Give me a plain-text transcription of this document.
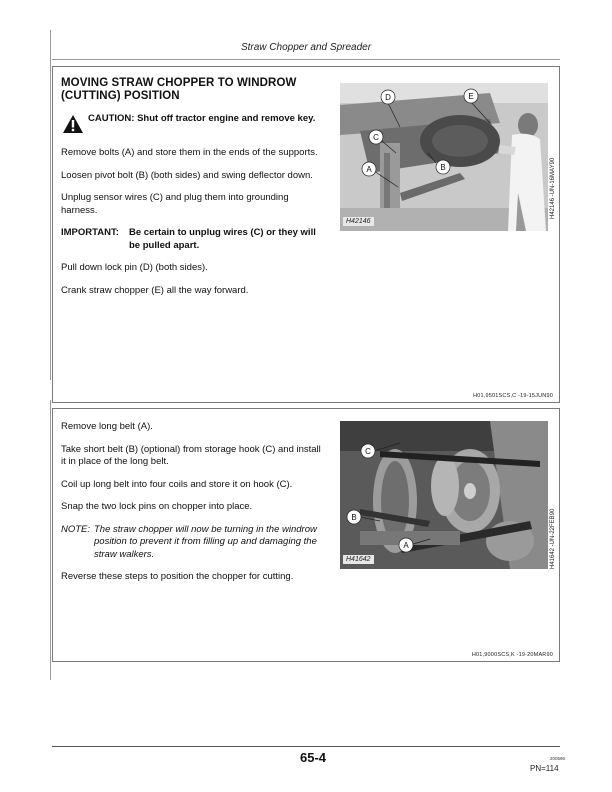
Straw Chopper and Spreader
MOVING STRAW CHOPPER TO WINDROW (CUTTING) POSITION
CAUTION: Shut off tractor engine and remove key.
Remove bolts (A) and store them in the ends of the supports.
Loosen pivot bolt (B) (both sides) and swing deflector down.
Unplug sensor wires (C) and plug them into grounding harness.
IMPORTANT:	Be certain to unplug wires (C) or they will be pulled apart.
Pull down lock pin (D) (both sides).
Crank straw chopper (E) all the way forward.
H42146
D	E
C
A	B	H42146 -UN-16MAY90
H01,9501SCS,C -19-15JUN90
Remove long belt (A).
Take short belt (B) (optional) from storage hook (C) and install it in place of the long belt.
Coil up long belt into four coils and store it on hook (C).
Snap the two lock pins on chopper into place.
NOTE: The straw chopper will now be turning in the windrow position to prevent it from filling up and damaging the straw walkers.
Reverse these steps to position the chopper for cutting.
H41642
C
B
A	H41642 -UN-22FEB90
H01,9000SCS,K -19-20MAR90
65-4	200596
PN=114
